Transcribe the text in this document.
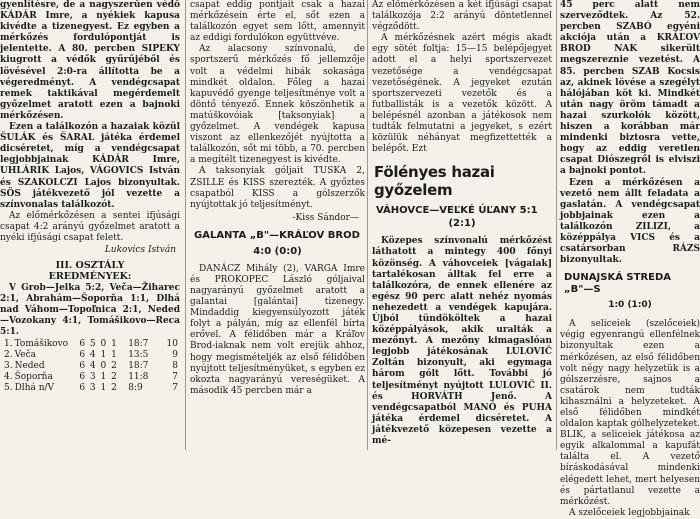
gyenlítésre, de a nagyszerűen védő KÁDÁR Imre, a nyékiek kapusa kivédte a tizenegyest. Ez egyben a mérkőzés fordulópontját is jelentette. A 80. percben SIPEKY kiugrott a védők gyűrűjéből és lövésével 2:0-ra állította be a végeredményt. A vendégcsapat remek taktikával megérdemelt győzelmet aratott ezen a bajnoki mérkőzésen.

Ezen a találkozón a hazaiak közül ŠULÁK és ŠARAL játéka érdemel dicséretet, míg a vendégcsapat legjobbjainak KÁDÁR Imre, UHLÁRIK Lajos, VÁGOVICS István és SZAKOLCZI Lajos bizonyultak. SÖS játékvezető jól vezette a színvonalas találkozót.

Az előmérkőzésen a sentei ifjúsági csapat 4:2 arányú győzelmet aratott a nyéki ifjúsági csapat felett.

Lukovics István

III. OSZTÁLY

EREDMÉNYEK:

V Grob—Jelka 5:2, Veča—Žiharec 2:1, Abrahám—Šoporňa 1:1, Dlhá nad Váhom—Topoľnica 2:1, Neded—Vozokany 4:1, Tomášikovo—Reca 5:1.

1.	Tomášikovo	6 5 0 1	18:7	10
2.	Veča	6 4 1 1	13:5	9
3.	Neded	6 4 0 2	18:7	8
4.	Šoporňa	6 3 1 2	11:8	7
5.	Dlhá n/V	6 3 1 2	8:9	7

csapat eddig pontjait csak a hazai mérkőzésein érte el, sőt ezen a találkozón egyet sem lőtt, amennyit az eddigi fordulókon együttvéve.

Az alacsony színvonalú, de sportszerű mérkőzés fő jellemzője volt a védelmi hibák sokasága mindkét oldalon. Főleg a hazai kapuvédő gyenge teljesítménye volt a döntő tényező. Ennek köszönhetik a matúškovóiak [taksonyiak] a győzelmet. A vendégek kapusa viszont az ellenkezőjét nyújtotta a találkozón, sőt mi több, a 70. percben a megítélt tizenegyest is kivédte.

A taksonyiak góljait TUSKA 2, ZSILLE és KISS szerezték. A győztes csapatból KISS a gólszerzők nyújtottak jó teljesítményt.

-Kiss Sándor—

GALANTA „B"—KRÁĽOV BROD

4:0 (0:0)

DANÁCZ Mihály (2), VARGA Imre és PROKOPEC László góljaival nagyarányú győzelmet aratott a galantai [galántai] tizenegy. Mindaddig kiegyensúlyozott játék folyt a pályán, míg az ellenfél bírta erővel. A félidőben már a Kráľov Brod-iaknak nem volt erejük ahhoz, hogy megismételjék az első félidőben nyújtott teljesítményüket, s egyben ez okozta nagyarányú vereségüket. A második 45 percben már a

Az előmérkőzésen a két ifjúsági csapat találkozója 2:2 arányú döntetlennel végződött.

A mérkőzésnek azért mégis akadt egy sötét foltja: 15—15 belépőjegyet adott el a helyi sportszervezet vezetősége a vendégcsapat vezetőségének. A jegyeket ezután sportszervezeti vezetők és a futballisták is a vezetők között. A belépésnél azonban a játékosok nem tudták felmutatni a jegyeket, s ezért közülük néhányat megfizettették a belépőt. Ezt

Fölényes hazai győzelem

VÁHOVCE—VEĽKÉ ÚĽANY 5:1

(2:1)

Közepes színvonalú mérkőzést láthatott a mintegy 400 főnyi közönség. A váhovceiek [vágaiak] tartalékosan álltak fel erre a találkozóra, de ennek ellenére az egész 90 perc alatt nehéz nyomás nehezedett a vendégek kapujára. Újból tündököltek a hazai középpályások, akik uralták a mezőnyt. A mezőny kimagaslóan legjobb játékosának LULOVIČ Zoltán bizonyult, aki egymaga három gólt lőtt. További jó teljesítményt nyújtott LULOVIČ II. és HORVÁTH Jenő. A vendégcsapatból MANÓ és PUHA játéka érdemel dicséretet. A játékvezető közepesen vezette a mé-

45 perc alatt nem szerveződtek. Az 52. percben SZABÓ egyéni akciója után a KRÁĽOV BROD NAK sikerült megszereznie vezetést. A 85. percben SZAB Kocsis az, akinek lövése a szegélyt hálójában köt ki. Mindkét után nagy öröm támadt a hazai szurkolók között, hiszen a korábban már mindenki biztosra vette, hogy az eddig veretlen csapat Diószegről is elviszi a bajnoki pontot.

Ezen a mérkőzésen a vezető nem állt feladata a gaslatán. A vendégcsapat jobbjainak ezen a találkozón ZILIZI, a középpálya VICS és a csatársorban RÁZS bizonyultak.

DUNAJSKÁ STREDA „B"—S

1:0 (1:0)

A seliceiek (szelőceiek) végig egyenrangú ellenfélnek bizonyultak ezen a mérkőzésen, az első félidőben volt négy nagy helyzetük is a gólszerzésre, sajnos a csatárok nem tudták kihasználni a helyzeteket. A első félidőben mindkét oldalon kaptak gólhelyzeteket. BLIK, a seliceiek játékosa az egyik alkalommal a kapufát találta el. A vezető bíráskodásával mindenki elégedett lehet, mert helyesen és pártatlanul vezette a mérkőzést.

A szelőceiek legjobbjainak
